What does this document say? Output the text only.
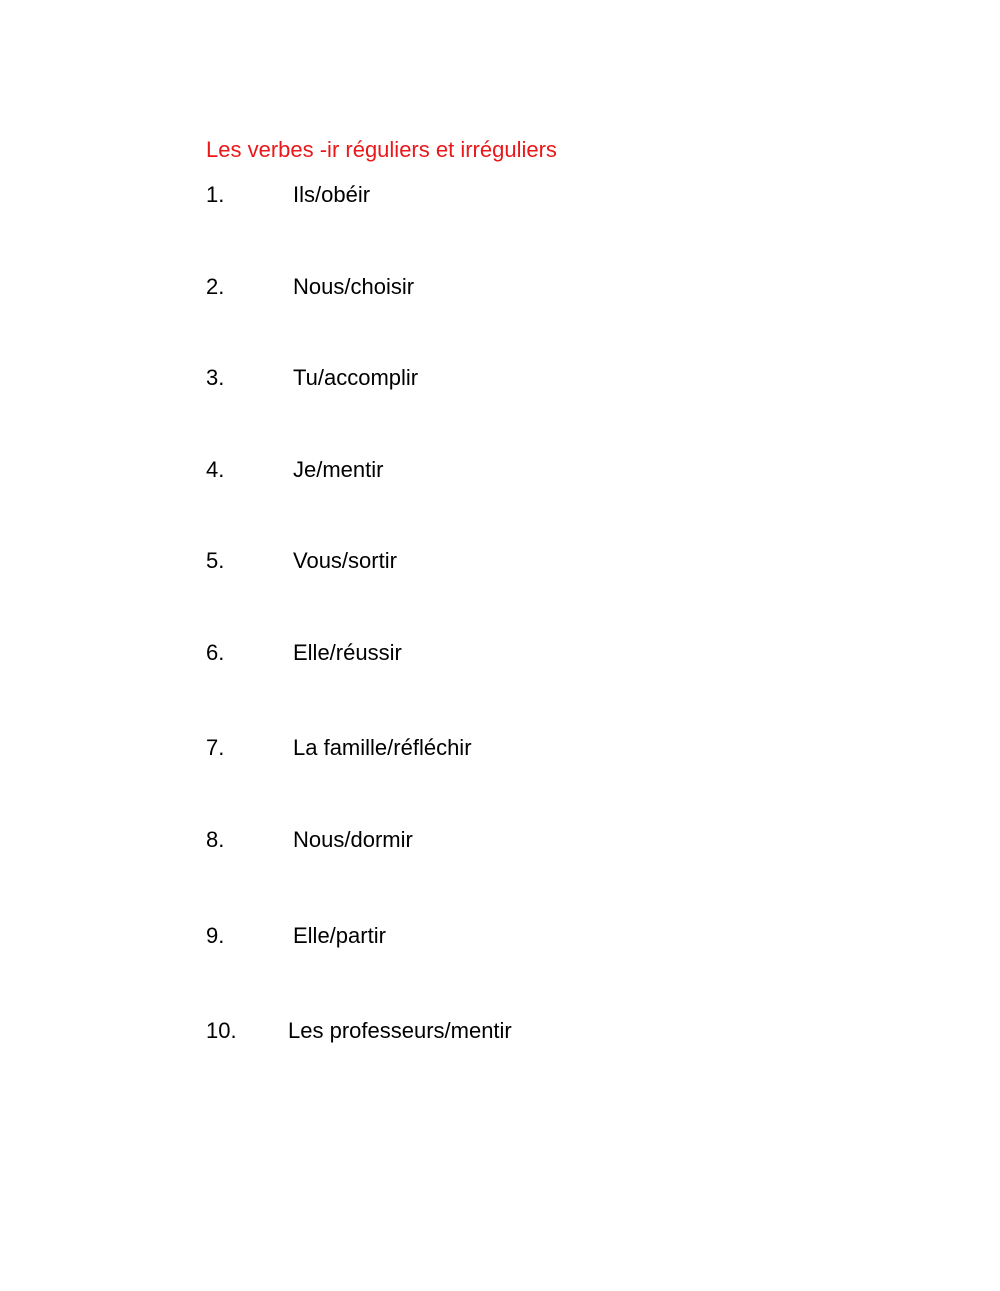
Les verbes -ir réguliers et irréguliers
1.	Ils/obéir
2.	Nous/choisir
3.	Tu/accomplir
4.	Je/mentir
5.	Vous/sortir
6.	Elle/réussir
7.	La famille/réfléchir
8.	Nous/dormir
9.	Elle/partir
10. Les professeurs/mentir
